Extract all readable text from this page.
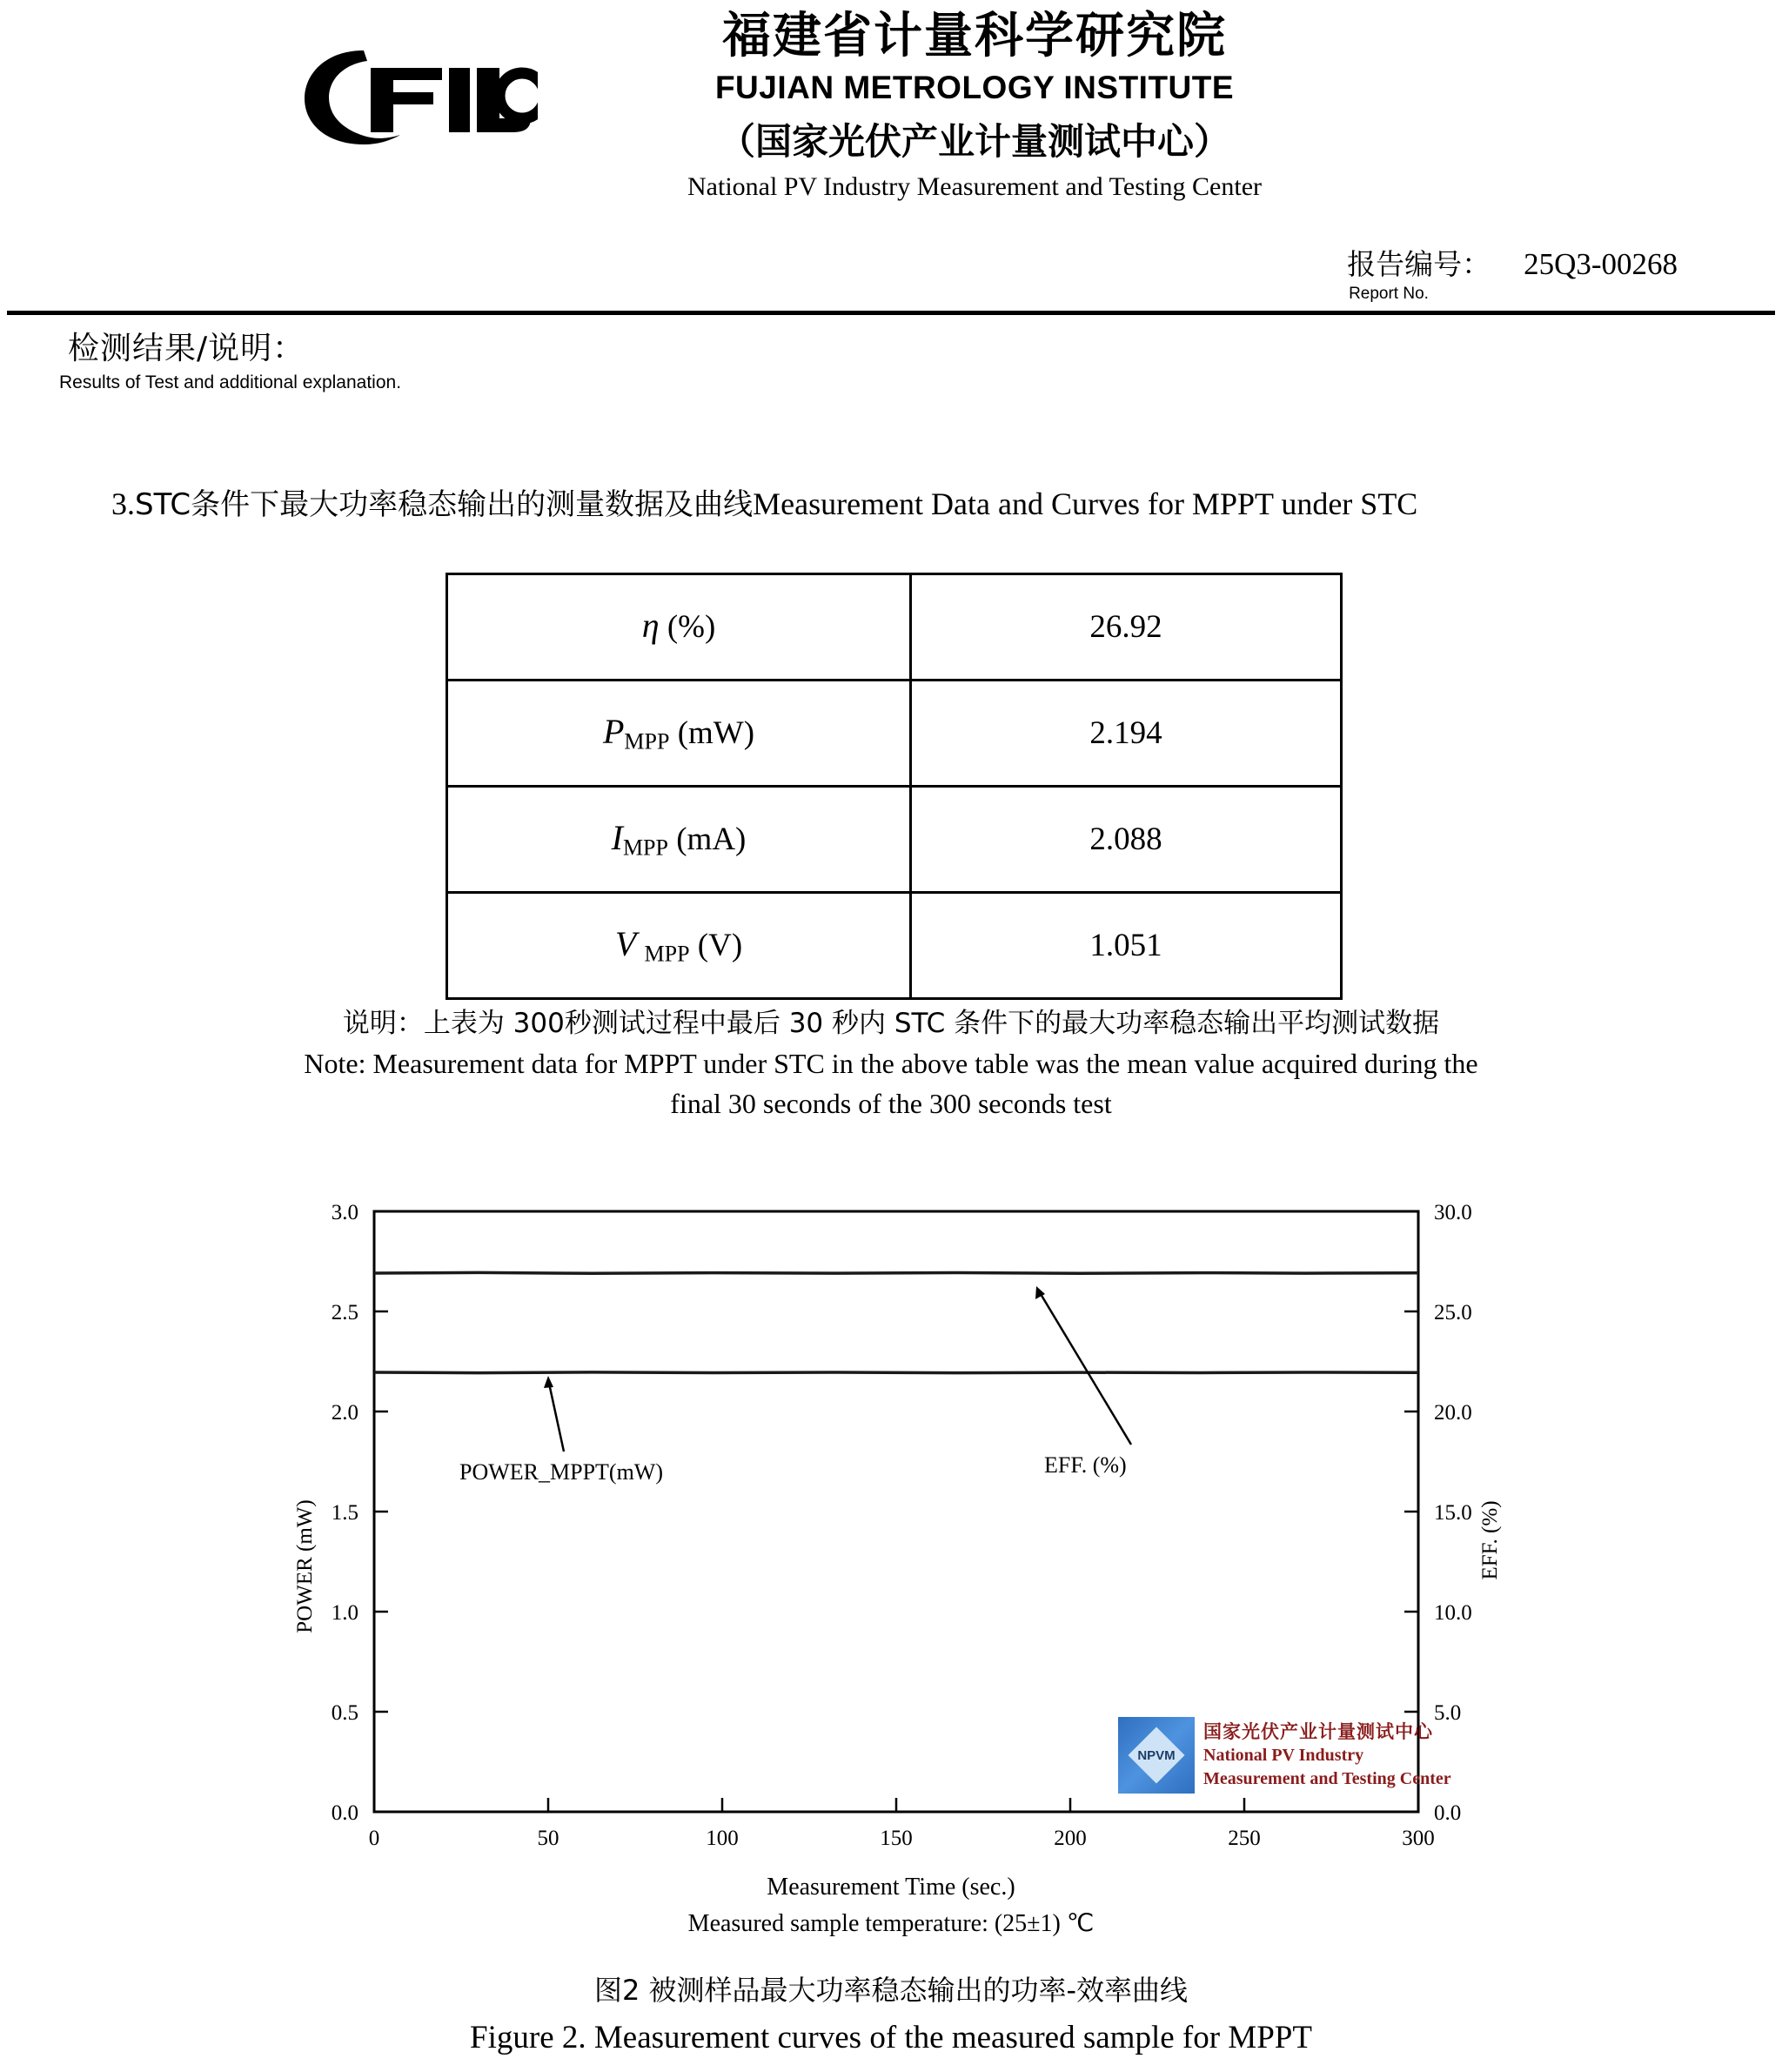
福建省计量科学研究院
FUJIAN METROLOGY INSTITUTE
（国家光伏产业计量测试中心）
National PV Industry Measurement and Testing Center
报告编号： 25Q3-00268
Report No.
检测结果/说明：
Results of Test and additional explanation.
3.STC条件下最大功率稳态输出的测量数据及曲线Measurement Data and Curves for MPPT under STC
η (%)	26.92
$P_{MPP}$ (mW)	2.194
$I_{MPP}$ (mA)	2.088
V $_{MPP}$ (V)	1.051
说明：上表为 300秒测试过程中最后 30 秒内 STC 条件下的最大功率稳态输出平均测试数据
Note: Measurement data for MPPT under STC in the above table was the mean value acquired during the
final 30 seconds of the 300 seconds test
0.0
0.5
1.0
1.5
2.0
2.5
3.0
0.0
5.0
10.0
15.0
20.0
25.0
30.0
0	50	100	150	200	250	300
POWER (mW)	EFF. (%)
POWER_MPPT(mW)	EFF. (%)
NPVM
国家光伏产业计量测试中心
National PV Industry
Measurement and Testing Center
Measurement Time (sec.)
Measured sample temperature: (25±1) ℃
图2 被测样品最大功率稳态输出的功率-效率曲线
Figure 2. Measurement curves of the measured sample for MPPT
